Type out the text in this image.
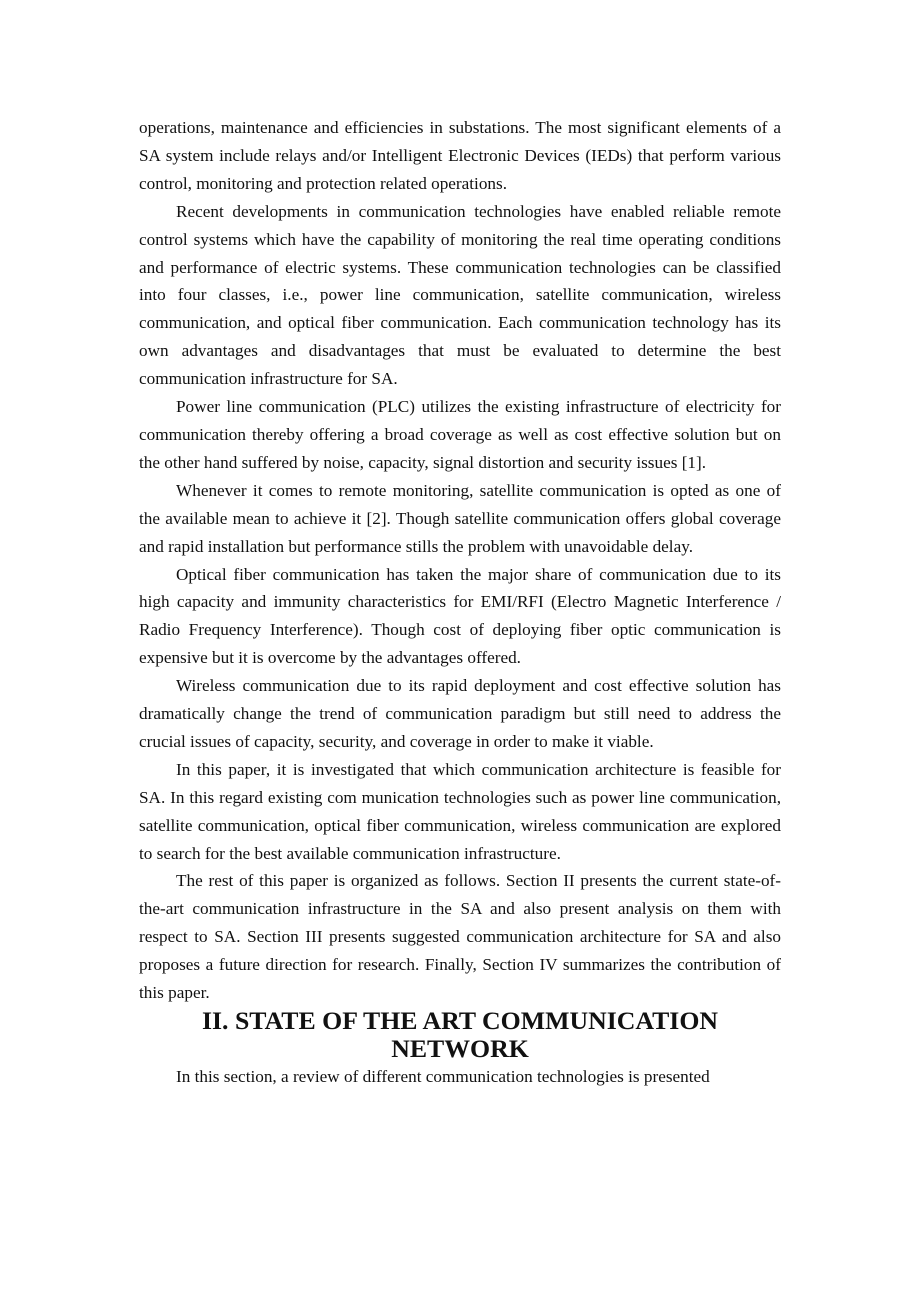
operations, maintenance and efficiencies in substations. The most significant elements of a SA system include relays and/or Intelligent Electronic Devices (IEDs) that perform various control, monitoring and protection related operations.

Recent developments in communication technologies have enabled reliable remote control systems which have the capability of monitoring the real time operating conditions and performance of electric systems. These communication technologies can be classified into four classes, i.e., power line communication, satellite communication, wireless communication, and optical fiber communication. Each communication technology has its own advantages and disadvantages that must be evaluated to determine the best communication infrastructure for SA.

Power line communication (PLC) utilizes the existing infrastructure of electricity for communication thereby offering a broad coverage as well as cost effective solution but on the other hand suffered by noise, capacity, signal distortion and security issues [1].

Whenever it comes to remote monitoring, satellite communication is opted as one of the available mean to achieve it [2]. Though satellite communication offers global coverage and rapid installation but performance stills the problem with unavoidable delay.

Optical fiber communication has taken the major share of communication due to its high capacity and immunity characteristics for EMI/RFI (Electro Magnetic Interference / Radio Frequency Interference). Though cost of deploying fiber optic communication is expensive but it is overcome by the advantages offered.

Wireless communication due to its rapid deployment and cost effective solution has dramatically change the trend of communication paradigm but still need to address the crucial issues of capacity, security, and coverage in order to make it viable.

In this paper, it is investigated that which communication architecture is feasible for SA. In this regard existing com munication technologies such as power line communication, satellite communication, optical fiber communication, wireless communication are explored to search for the best available communication infrastructure.

The rest of this paper is organized as follows. Section II presents the current state-of-the-art communication infrastructure in the SA and also present analysis on them with respect to SA. Section III presents suggested communication architecture for SA and also proposes a future direction for research. Finally, Section IV summarizes the contribution of this paper.

II. STATE OF THE ART COMMUNICATION NETWORK

In this section, a review of different communication technologies is presented
